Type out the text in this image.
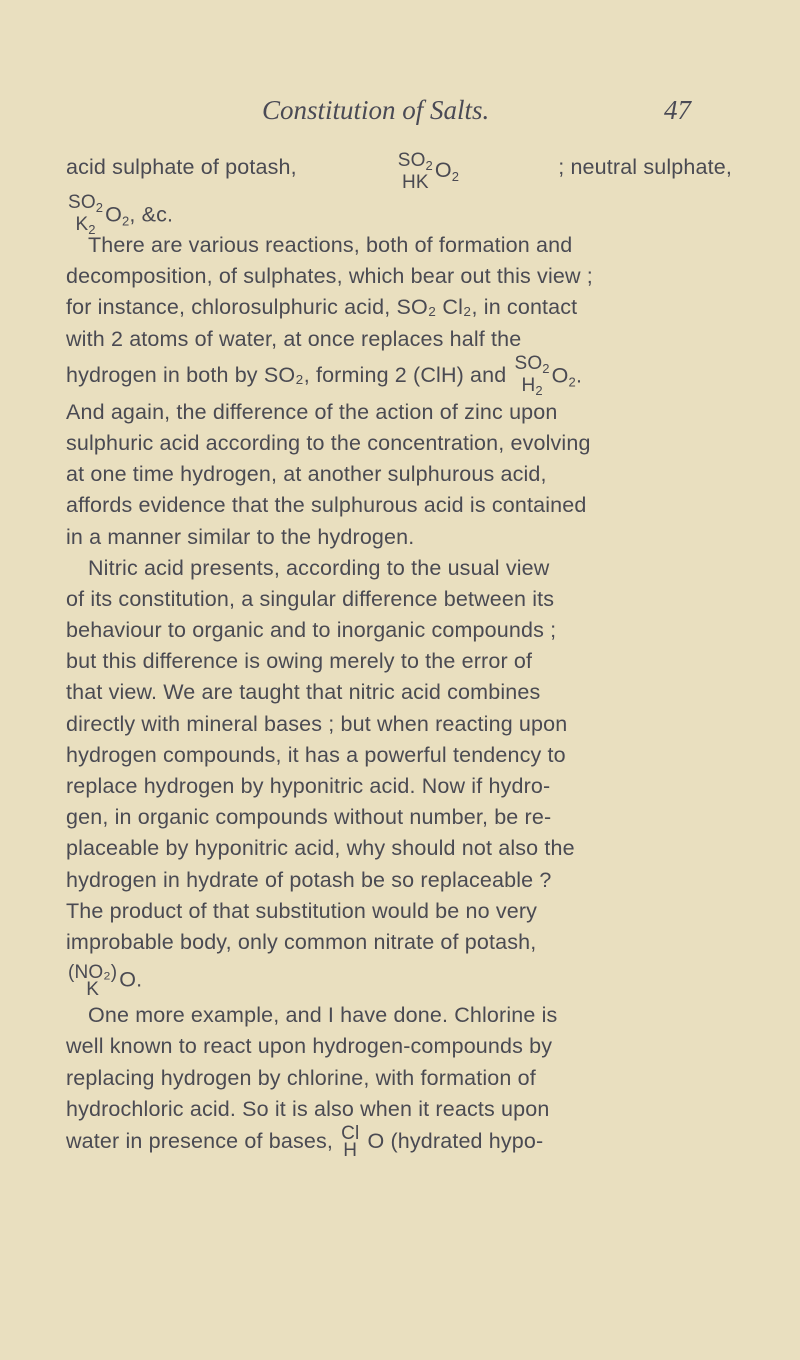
Constitution of Salts.	47
acid sulphate of potash,	$SO_2$
HK
$O_2$	; neutral sulphate,
$SO_2$
$K_2$
$O_2$, &c.
There are various reactions, both of formation and
decomposition, of sulphates, which bear out this view ;
for instance, chlorosulphuric acid, SO₂ Cl₂, in contact
with 2 atoms of water, at once replaces half the
hydrogen in both by SO₂, forming 2 (ClH) and
$SO_2$
$H_2$
$O_2$.
And again, the difference of the action of zinc upon
sulphuric acid according to the concentration, evolving
at one time hydrogen, at another sulphurous acid,
affords evidence that the sulphurous acid is contained
in a manner similar to the hydrogen.
Nitric acid presents, according to the usual view
of its constitution, a singular difference between its
behaviour to organic and to inorganic compounds ;
but this difference is owing merely to the error of
that view. We are taught that nitric acid combines
directly with mineral bases ; but when reacting upon
hydrogen compounds, it has a powerful tendency to
replace hydrogen by hyponitric acid. Now if hydro-
gen, in organic compounds without number, be re-
placeable by hyponitric acid, why should not also the
hydrogen in hydrate of potash be so replaceable ?
The product of that substitution would be no very
improbable body, only common nitrate of potash,
(NO₂)
K O.
One more example, and I have done. Chlorine is
well known to react upon hydrogen-compounds by
replacing hydrogen by chlorine, with formation of
hydrochloric acid. So it is also when it reacts upon
water in presence of bases, Cl
H O (hydrated hypo-
